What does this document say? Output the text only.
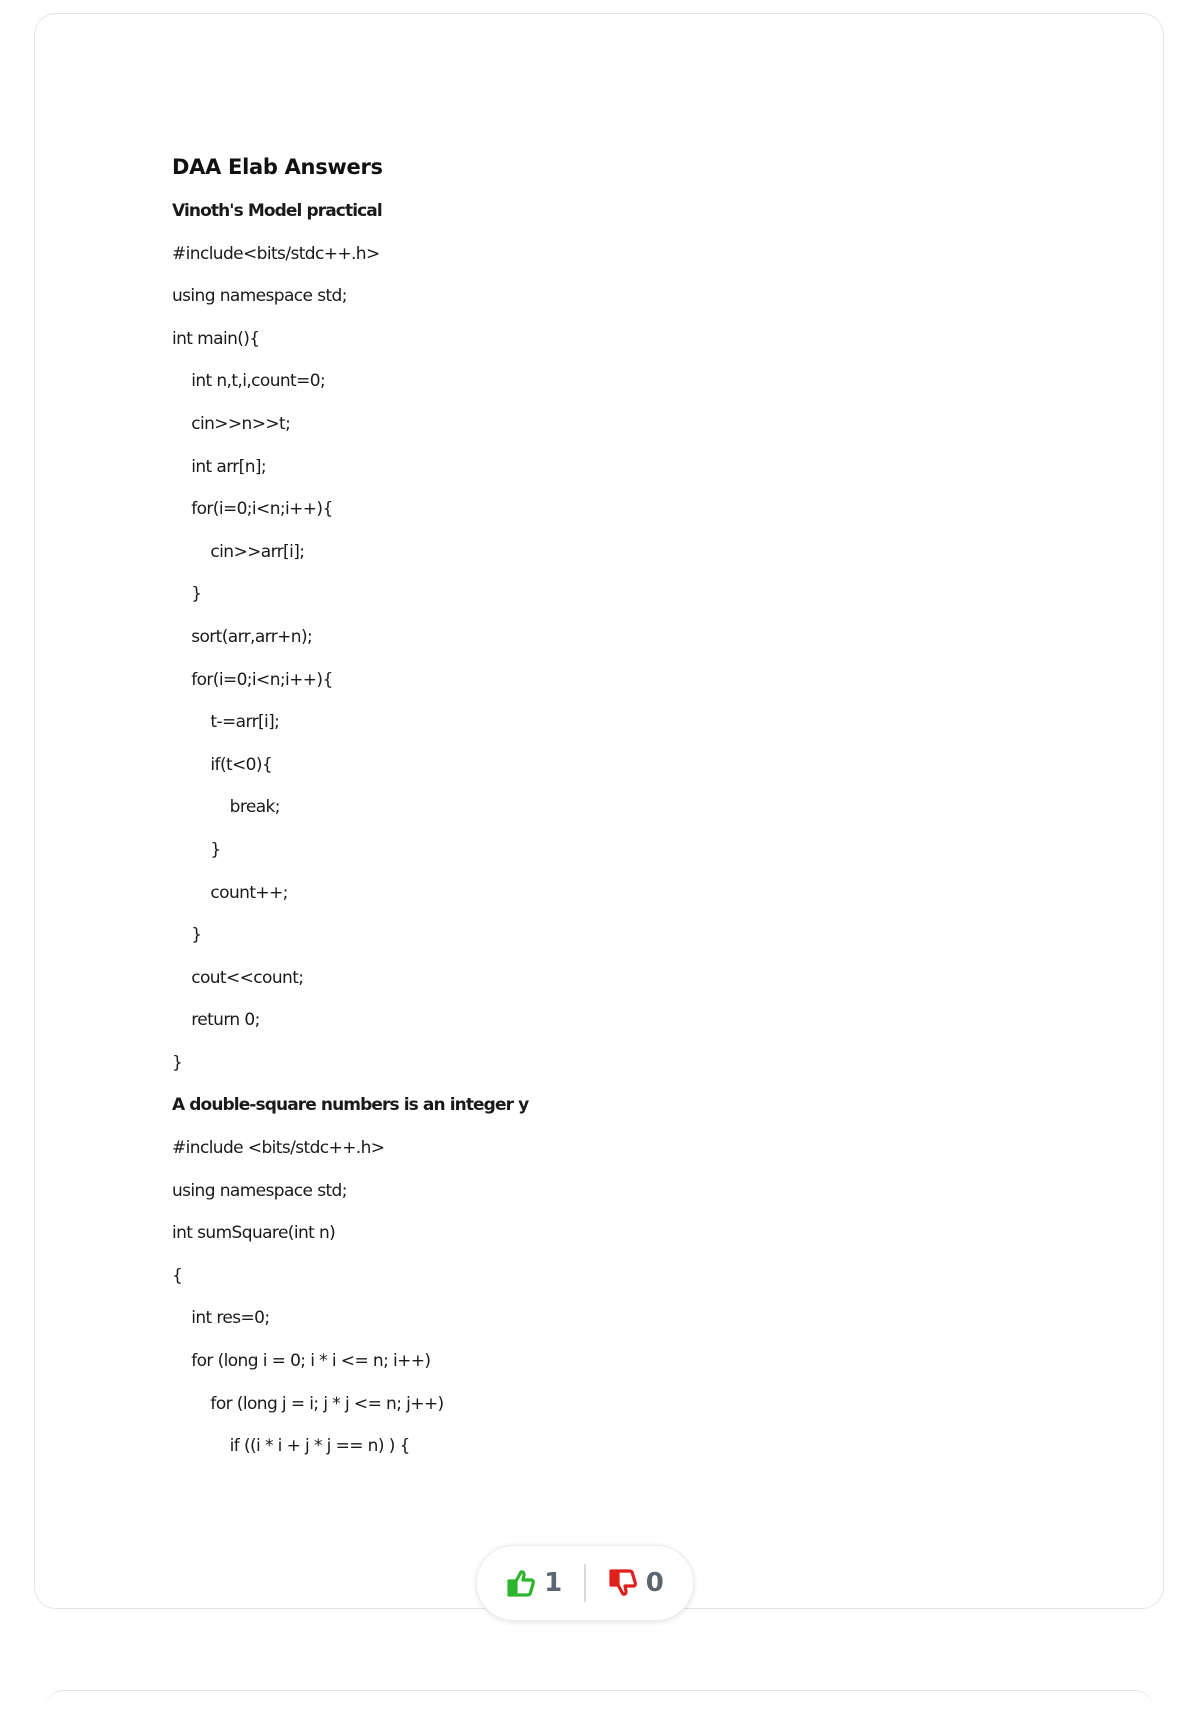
DAA Elab Answers
Vinoth's Model practical
#include<bits/stdc++.h>
using namespace std;
int main(){
int n,t,i,count=0;
cin>>n>>t;
int arr[n];
for(i=0;i<n;i++){
cin>>arr[i];
}
sort(arr,arr+n);
for(i=0;i<n;i++){
t-=arr[i];
if(t<0){
break;
}
count++;
}
cout<<count;
return 0;
}
A double-square numbers is an integer y
#include <bits/stdc++.h>
using namespace std;
int sumSquare(int n)
{
int res=0;
for (long i = 0; i * i <= n; i++)
for (long j = i; j * j <= n; j++)
if ((i * i + j * j == n) ) {
1	0
